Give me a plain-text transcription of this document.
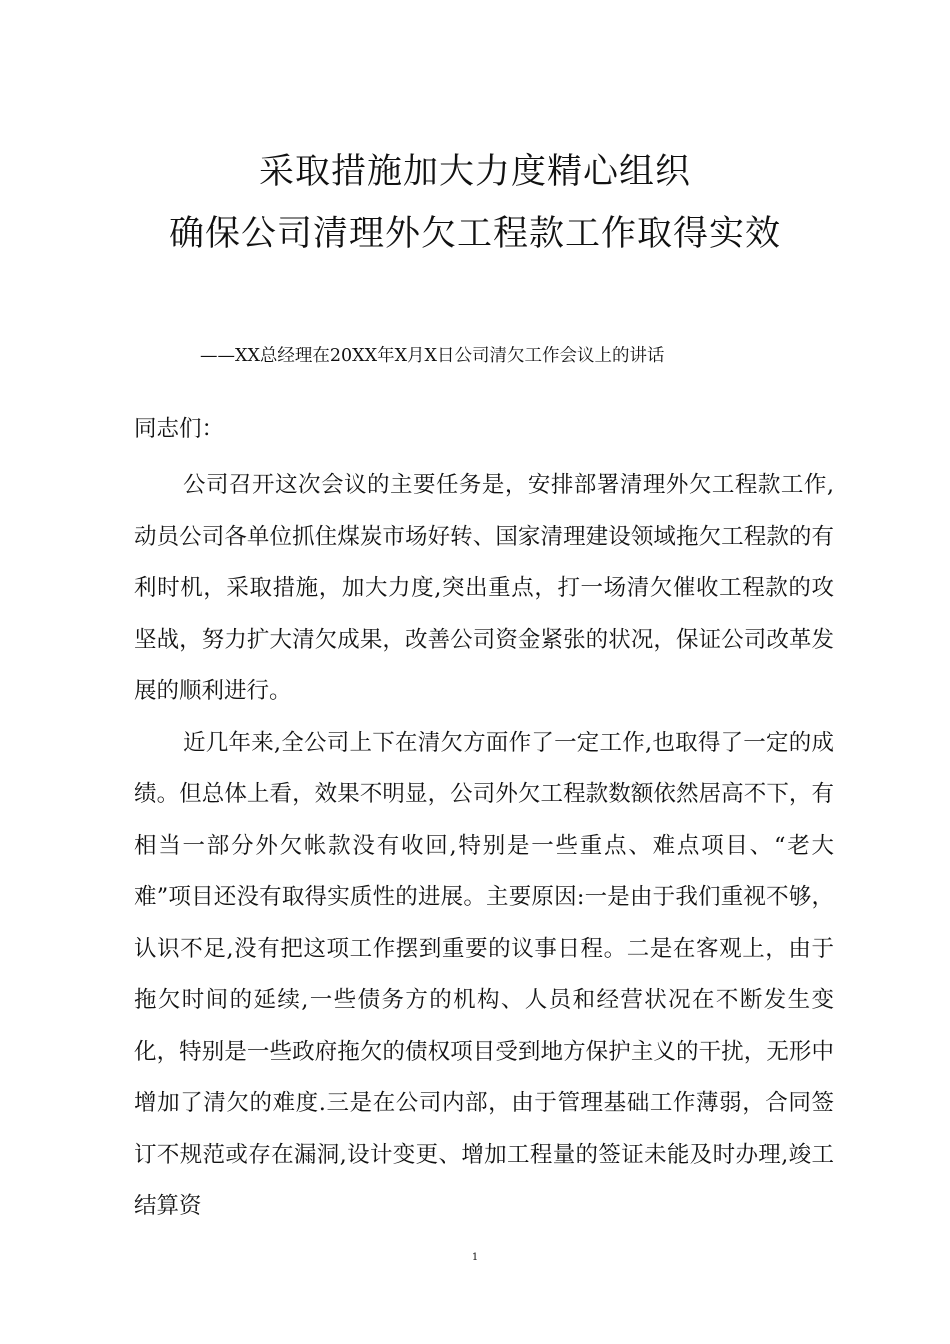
采取措施加大力度精心组织
确保公司清理外欠工程款工作取得实效
——XX总经理在20XX年X月X日公司清欠工作会议上的讲话
同志们：

公司召开这次会议的主要任务是，安排部署清理外欠工程款工作,动员公司各单位抓住煤炭市场好转、国家清理建设领域拖欠工程款的有利时机，采取措施，加大力度,突出重点，打一场清欠催收工程款的攻坚战，努力扩大清欠成果，改善公司资金紧张的状况，保证公司改革发展的顺利进行。

近几年来,全公司上下在清欠方面作了一定工作,也取得了一定的成绩。但总体上看，效果不明显，公司外欠工程款数额依然居高不下，有相当一部分外欠帐款没有收回,特别是一些重点、难点项目、“老大难”项目还没有取得实质性的进展。主要原因:一是由于我们重视不够，认识不足,没有把这项工作摆到重要的议事日程。二是在客观上，由于拖欠时间的延续,一些债务方的机构、人员和经营状况在不断发生变化，特别是一些政府拖欠的债权项目受到地方保护主义的干扰，无形中增加了清欠的难度.三是在公司内部，由于管理基础工作薄弱，合同签订不规范或存在漏洞,设计变更、增加工程量的签证未能及时办理,竣工结算资

1
